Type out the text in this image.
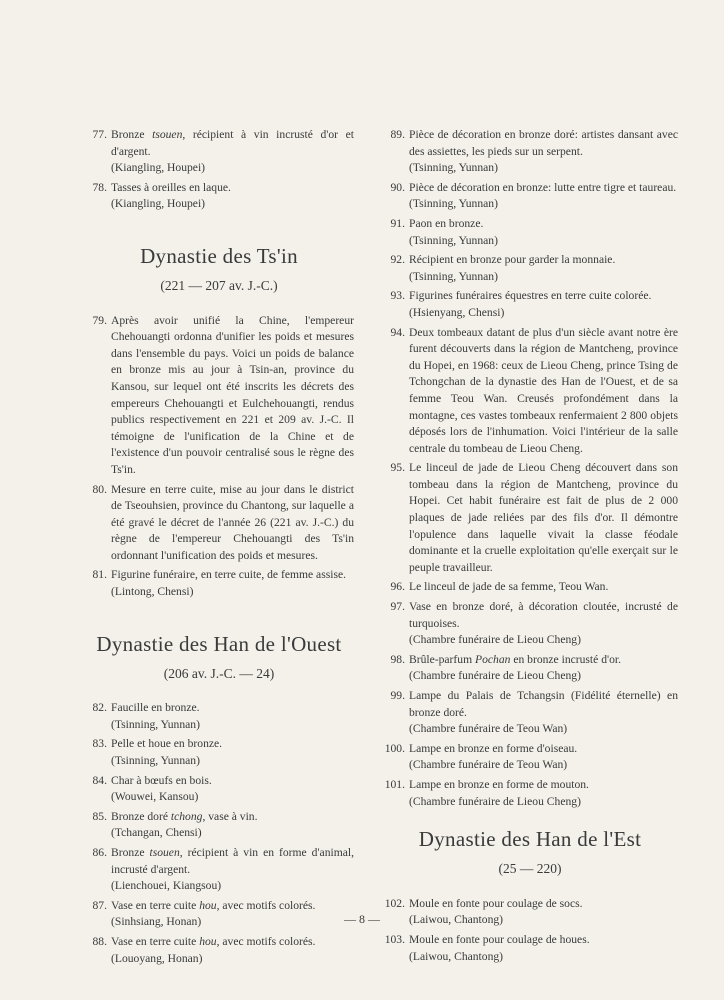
77. Bronze tsouen, récipient à vin incrusté d'or et d'argent.
( Kiangling, Houpei )
78. Tasses à oreilles en laque.
( Kiangling, Houpei )
Dynastie des Ts'in
( 221 — 207 av. J.-C. )
79. Après avoir unifié la Chine, l'empereur Chehouangti ordonna d'unifier les poids et mesures dans l'ensemble du pays. Voici un poids de balance en bronze mis au jour à Tsin-an, province du Kansou, sur lequel ont été inscrits les décrets des empereurs Chehouangti et Eulchehouangti, rendus publics respectivement en 221 et 209 av. J.-C. Il témoigne de l'unification de la Chine et de l'existence d'un pouvoir centralisé sous le règne des Ts'in.
80. Mesure en terre cuite, mise au jour dans le district de Tseouhsien, province du Chantong, sur laquelle a été gravé le décret de l'année 26 (221 av. J.-C.) du règne de l'empereur Chehouangti des Ts'in ordonnant l'unification des poids et mesures.
81. Figurine funéraire, en terre cuite, de femme assise.
( Lintong, Chensi )
Dynastie des Han de l'Ouest
( 206 av. J.-C. — 24 )
82. Faucille en bronze.
( Tsinning, Yunnan )
83. Pelle et houe en bronze.
( Tsinning, Yunnan )
84. Char à bœufs en bois.
( Wouwei, Kansou )
85. Bronze doré tchong, vase à vin.
( Tchangan, Chensi )
86. Bronze tsouen, récipient à vin en forme d'animal, incrusté d'argent.
( Lienchouei, Kiangsou )
87. Vase en terre cuite hou, avec motifs colorés.
( Sinhsiang, Honan )
88. Vase en terre cuite hou, avec motifs colorés.
( Louoyang, Honan )
89. Pièce de décoration en bronze doré: artistes dansant avec des assiettes, les pieds sur un serpent.
( Tsinning, Yunnan )
90. Pièce de décoration en bronze: lutte entre tigre et taureau.
( Tsinning, Yunnan )
91. Paon en bronze.
( Tsinning, Yunnan )
92. Récipient en bronze pour garder la monnaie.
( Tsinning, Yunnan )
93. Figurines funéraires équestres en terre cuite colorée.
( Hsienyang, Chensi )
94. Deux tombeaux datant de plus d'un siècle avant notre ère furent découverts dans la région de Mantcheng, province du Hopei, en 1968: ceux de Lieou Cheng, prince Tsing de Tchongchan de la dynastie des Han de l'Ouest, et de sa femme Teou Wan. Creusés profondément dans la montagne, ces vastes tombeaux renfermaient 2 800 objets déposés lors de l'inhumation. Voici l'intérieur de la salle centrale du tombeau de Lieou Cheng.
95. Le linceul de jade de Lieou Cheng découvert dans son tombeau dans la région de Mantcheng, province du Hopei. Cet habit funéraire est fait de plus de 2 000 plaques de jade reliées par des fils d'or. Il démontre l'opulence dans laquelle vivait la classe féodale dominante et la cruelle exploitation qu'elle exerçait sur le peuple travailleur.
96. Le linceul de jade de sa femme, Teou Wan.
97. Vase en bronze doré, à décoration cloutée, incrusté de turquoises.
( Chambre funéraire de Lieou Cheng )
98. Brûle-parfum Pochan en bronze incrusté d'or.
( Chambre funéraire de Lieou Cheng )
99. Lampe du Palais de Tchangsin (Fidélité éternelle) en bronze doré.
( Chambre funéraire de Teou Wan )
100. Lampe en bronze en forme d'oiseau.
( Chambre funéraire de Teou Wan )
101. Lampe en bronze en forme de mouton.
( Chambre funéraire de Lieou Cheng )
Dynastie des Han de l'Est
( 25 — 220 )
102. Moule en fonte pour coulage de socs.
( Laiwou, Chantong )
103. Moule en fonte pour coulage de houes.
( Laiwou, Chantong )
— 8 —
